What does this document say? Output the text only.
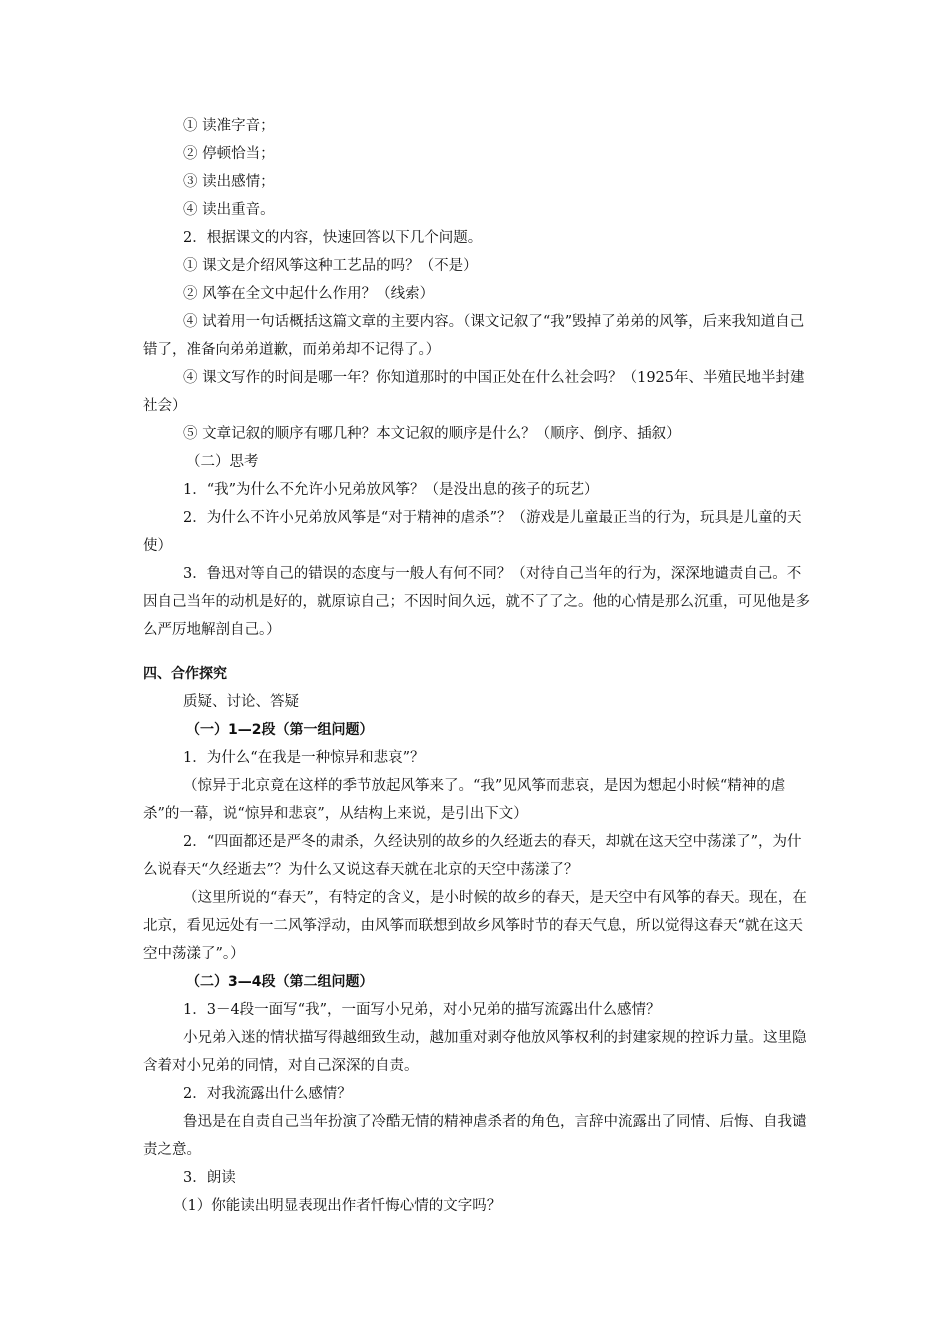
① 读准字音；

② 停顿恰当；

③ 读出感情；

④ 读出重音。

2．根据课文的内容，快速回答以下几个问题。

① 课文是介绍风筝这种工艺品的吗？（不是）

② 风筝在全文中起什么作用？（线索）

④ 试着用一句话概括这篇文章的主要内容。（课文记叙了“我”毁掉了弟弟的风筝，后来我知道自己错了，准备向弟弟道歉，而弟弟却不记得了。）

④ 课文写作的时间是哪一年？你知道那时的中国正处在什么社会吗？（1925年、半殖民地半封建社会）

⑤ 文章记叙的顺序有哪几种？本文记叙的顺序是什么？（顺序、倒序、插叙）

（二）思考

1．“我”为什么不允许小兄弟放风筝？（是没出息的孩子的玩艺）

2．为什么不许小兄弟放风筝是“对于精神的虐杀”？（游戏是儿童最正当的行为，玩具是儿童的天使）

3．鲁迅对等自己的错误的态度与一般人有何不同？（对待自己当年的行为，深深地谴责自己。不因自己当年的动机是好的，就原谅自己；不因时间久远，就不了了之。他的心情是那么沉重，可见他是多么严厉地解剖自己。）

四、合作探究

质疑、讨论、答疑

（一）1—2段（第一组问题）

1．为什么“在我是一种惊异和悲哀”？

（惊异于北京竟在这样的季节放起风筝来了。“我”见风筝而悲哀，是因为想起小时候“精神的虐杀”的一幕，说“惊异和悲哀”，从结构上来说，是引出下文）

2．“四面都还是严冬的肃杀，久经诀别的故乡的久经逝去的春天，却就在这天空中荡漾了”，为什么说春天“久经逝去”？为什么又说这春天就在北京的天空中荡漾了？

（这里所说的“春天”，有特定的含义，是小时候的故乡的春天，是天空中有风筝的春天。现在，在北京，看见远处有一二风筝浮动，由风筝而联想到故乡风筝时节的春天气息，所以觉得这春天“就在这天空中荡漾了”。）

（二）3—4段（第二组问题）

1．3－4段一面写“我”，一面写小兄弟，对小兄弟的描写流露出什么感情？

小兄弟入迷的情状描写得越细致生动，越加重对剥夺他放风筝权利的封建家规的控诉力量。这里隐含着对小兄弟的同情，对自己深深的自责。

2．对我流露出什么感情？

鲁迅是在自责自己当年扮演了冷酷无情的精神虐杀者的角色，言辞中流露出了同情、后悔、自我谴责之意。

3．朗读

（1）你能读出明显表现出作者忏悔心情的文字吗？
